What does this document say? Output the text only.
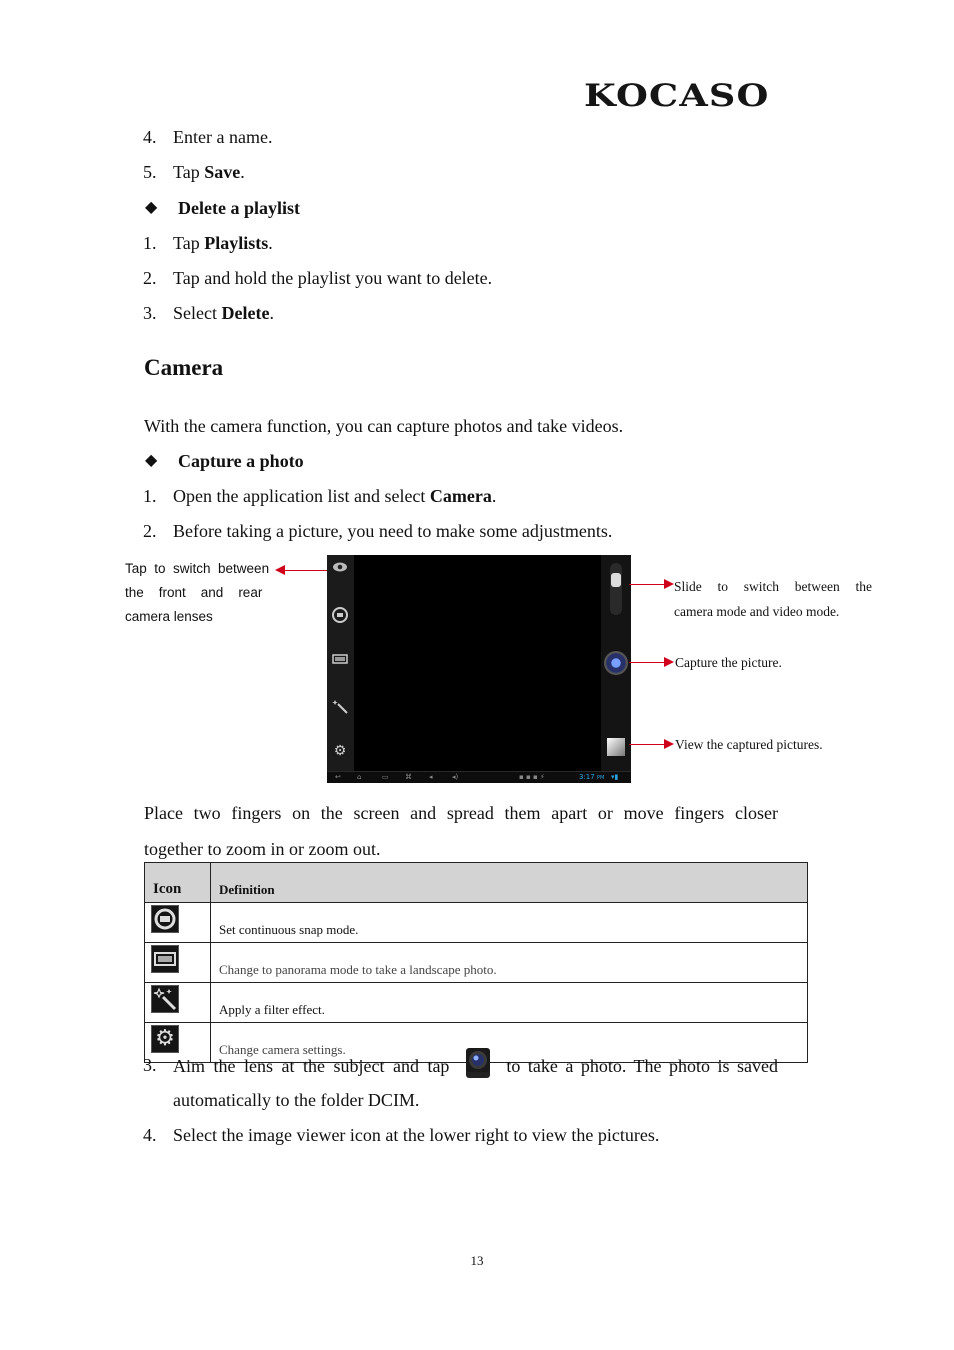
KOCASO
4. Enter a name.
5. Tap Save.
◆ Delete a playlist
1. Tap Playlists.
2. Tap and hold the playlist you want to delete.
3. Select Delete.
Camera
With the camera function, you can capture photos and take videos.
◆ Capture a photo
1. Open the application list and select Camera.
2. Before taking a picture, you need to make some adjustments.
Tap  to  switch  between
the    front    and    rear
camera lenses
⚙
↩ ⌂	▭ ⌘ ◂	◂)	▪ ▪ ▪ ⚡	3:17 PM ▾▮
Slide to switch between the
camera mode and video mode.
Capture the picture.
View the captured pictures.
Place  two  fingers  on  the  screen  and  spread  them  apart  or  move  fingers  closer
together to zoom in or zoom out.
Icon	Definition

	Set continuous snap mode.

	Change to panorama mode to take a landscape photo.

	Apply a filter effect.

⚙	Change camera settings.
3. Aim the lens at the subject and tap	to take a photo. The photo is saved
automatically to the folder DCIM.
4. Select the image viewer icon at the lower right to view the pictures.
13
